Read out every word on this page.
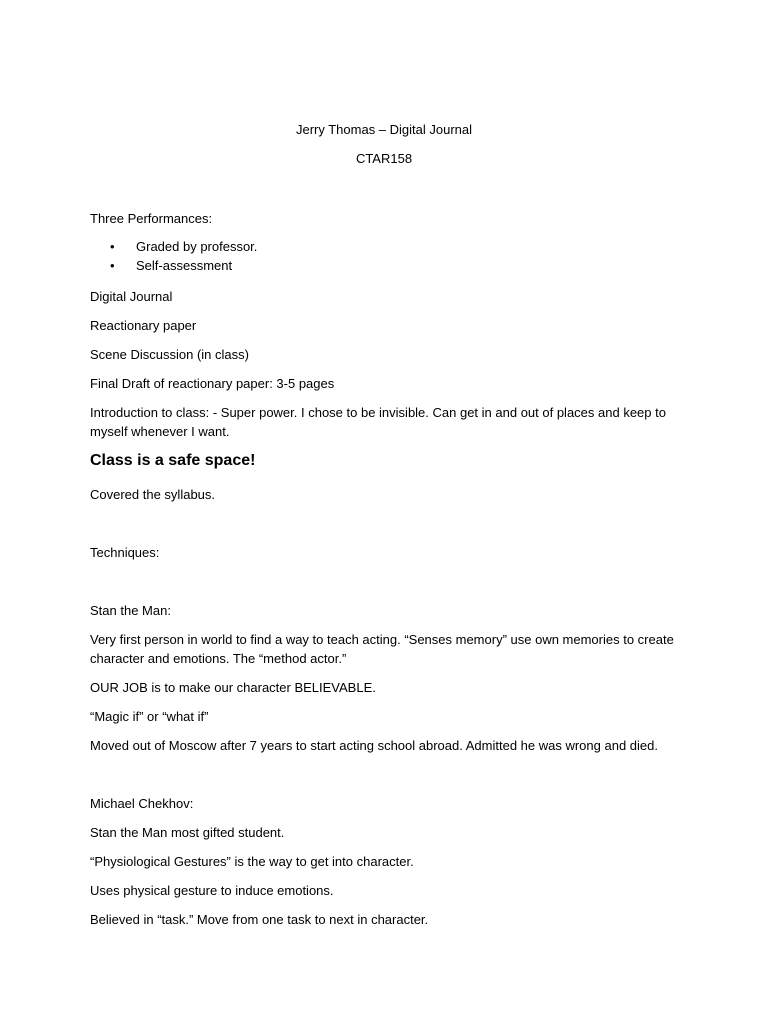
Jerry Thomas – Digital Journal
CTAR158
Three Performances:
• Graded by professor.
• Self-assessment
Digital Journal
Reactionary paper
Scene Discussion (in class)
Final Draft of reactionary paper: 3-5 pages
Introduction to class: - Super power. I chose to be invisible. Can get in and out of places and keep to myself whenever I want.
Class is a safe space!
Covered the syllabus.
Techniques:
Stan the Man:
Very first person in world to find a way to teach acting. “Senses memory” use own memories to create character and emotions. The “method actor.”
OUR JOB is to make our character BELIEVABLE.
“Magic if” or “what if”
Moved out of Moscow after 7 years to start acting school abroad. Admitted he was wrong and died.
Michael Chekhov:
Stan the Man most gifted student.
“Physiological Gestures” is the way to get into character.
Uses physical gesture to induce emotions.
Believed in “task.” Move from one task to next in character.
